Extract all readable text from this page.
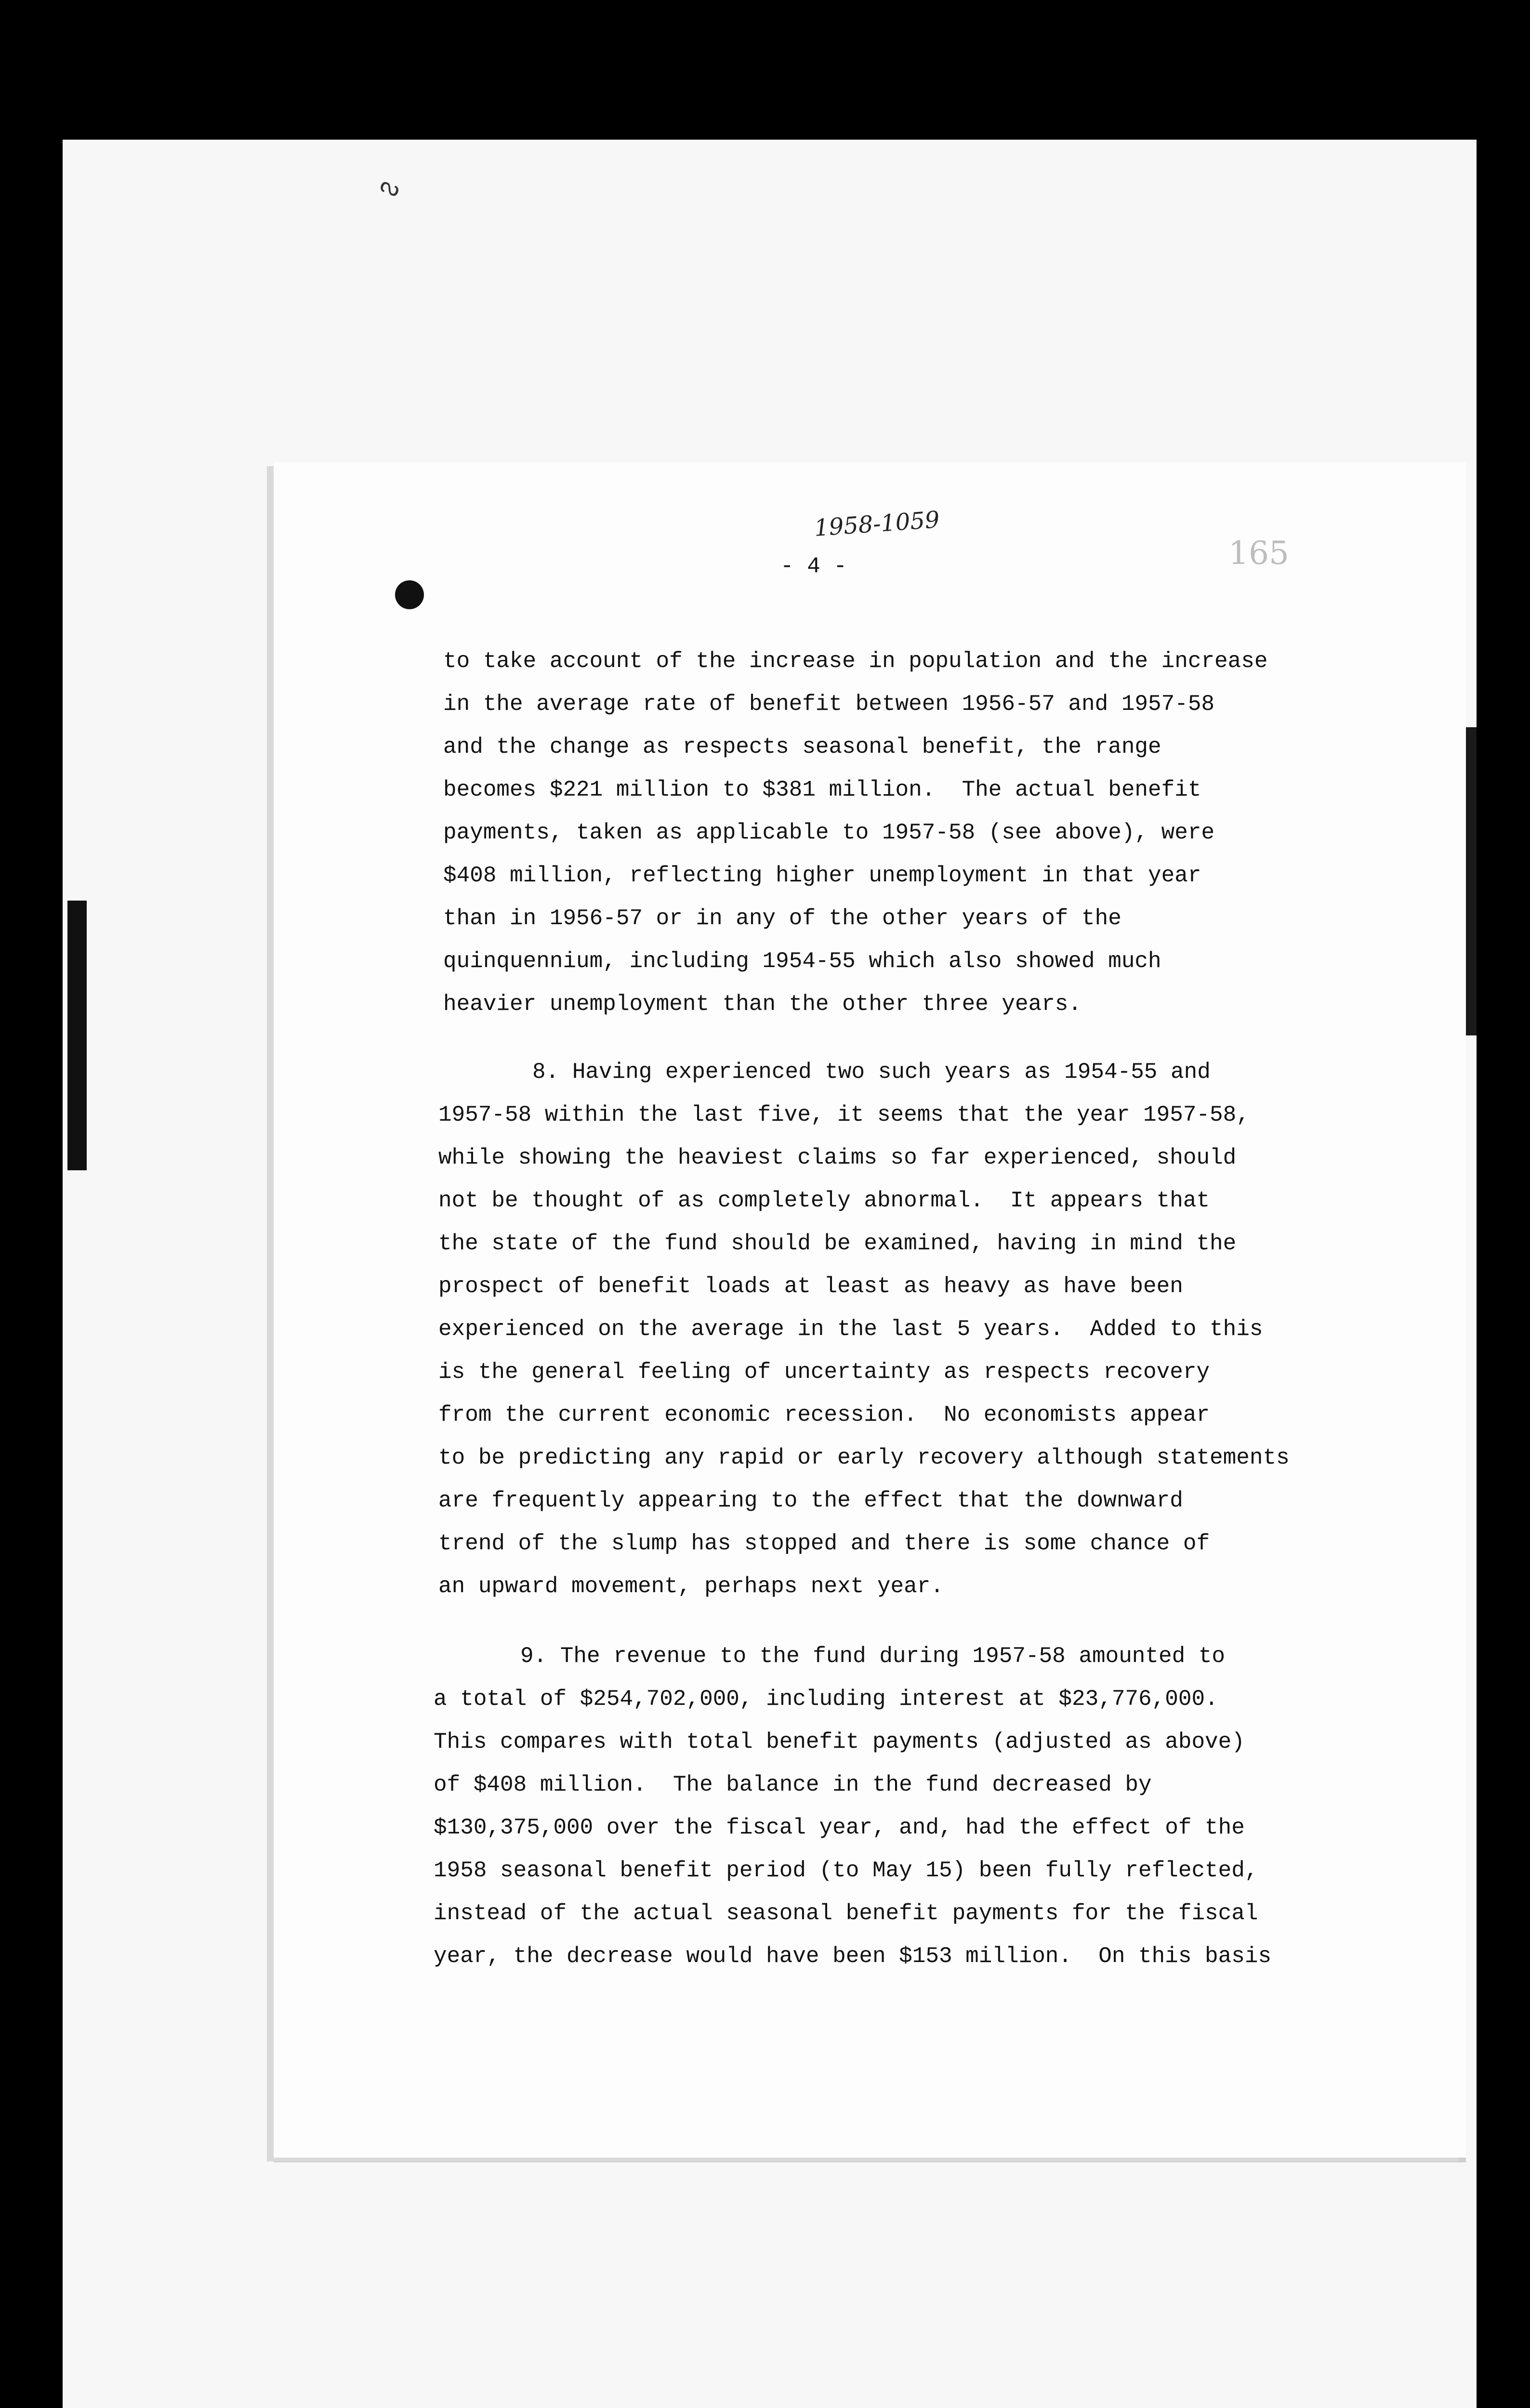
ᔓ
1958-1059
- 4 -	165
to take account of the increase in population and the increase
in the average rate of benefit between 1956-57 and 1957-58
and the change as respects seasonal benefit, the range
becomes $221 million to $381 million.  The actual benefit
payments, taken as applicable to 1957-58 (see above), were
$408 million, reflecting higher unemployment in that year
than in 1956-57 or in any of the other years of the
quinquennium, including 1954-55 which also showed much
heavier unemployment than the other three years.
8. Having experienced two such years as 1954-55 and
1957-58 within the last five, it seems that the year 1957-58,
while showing the heaviest claims so far experienced, should
not be thought of as completely abnormal.  It appears that
the state of the fund should be examined, having in mind the
prospect of benefit loads at least as heavy as have been
experienced on the average in the last 5 years.  Added to this
is the general feeling of uncertainty as respects recovery
from the current economic recession.  No economists appear
to be predicting any rapid or early recovery although statements
are frequently appearing to the effect that the downward
trend of the slump has stopped and there is some chance of
an upward movement, perhaps next year.
9. The revenue to the fund during 1957-58 amounted to
a total of $254,702,000, including interest at $23,776,000.
This compares with total benefit payments (adjusted as above)
of $408 million.  The balance in the fund decreased by
$130,375,000 over the fiscal year, and, had the effect of the
1958 seasonal benefit period (to May 15) been fully reflected,
instead of the actual seasonal benefit payments for the fiscal
year, the decrease would have been $153 million.  On this basis
